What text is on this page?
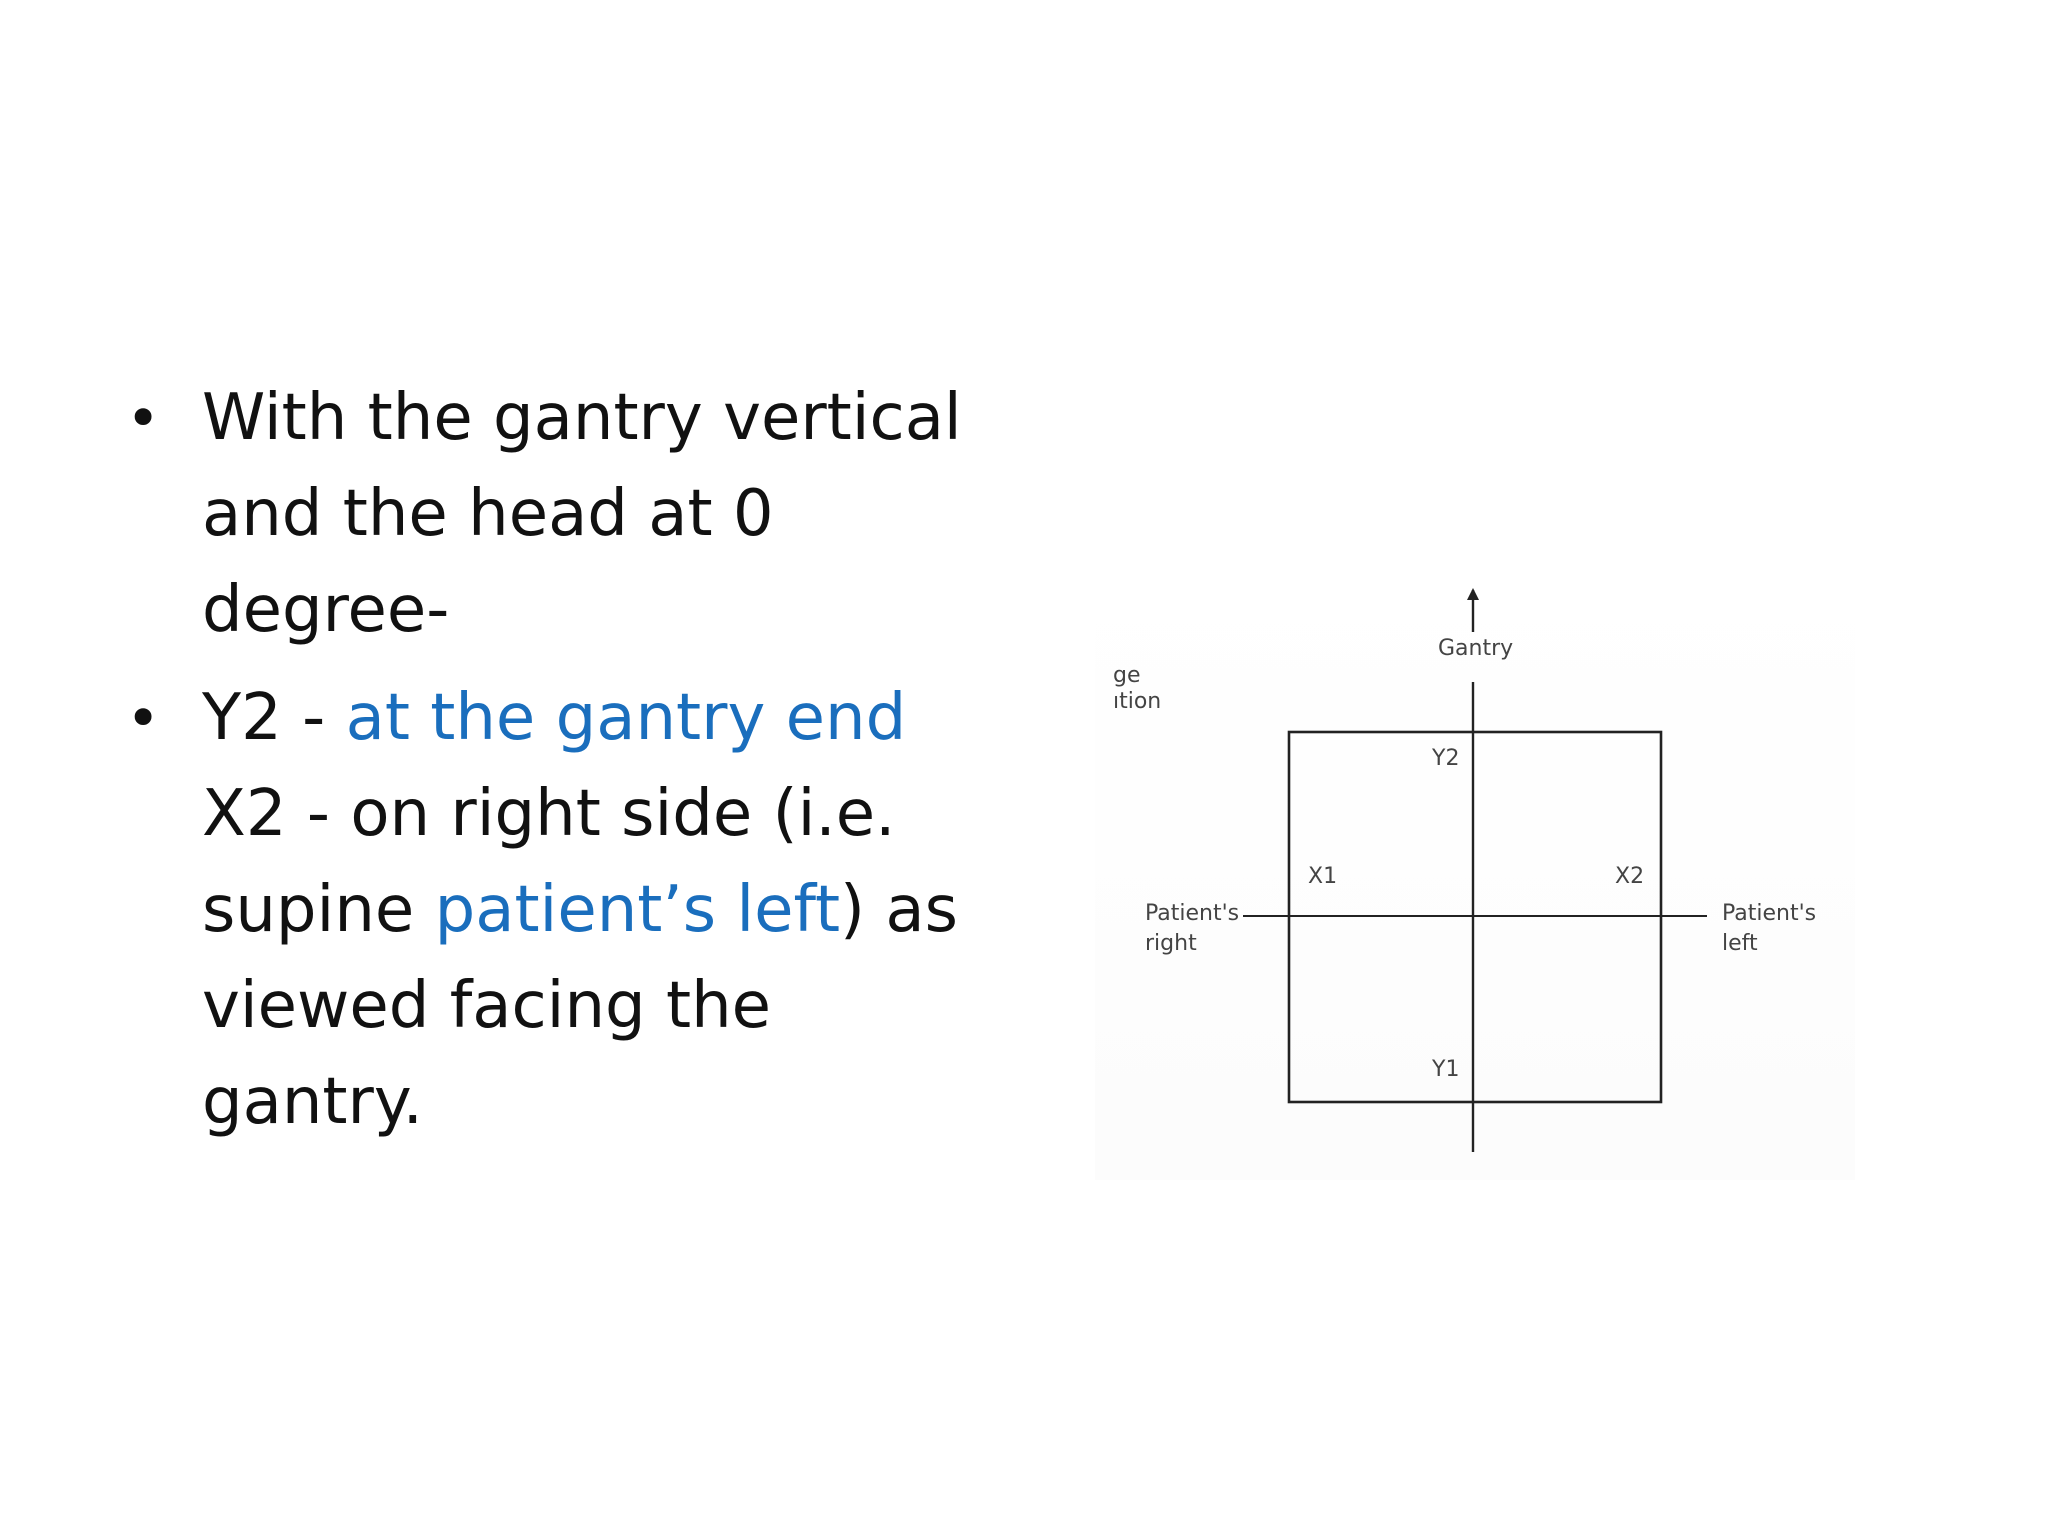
• With the gantry vertical
and the head at 0
degree-
• Y2 - at the gantry end
X2 - on right side (i.e.
supine patient’s left) as
viewed facing the
gantry.
Gantry
Y2
Y1
X1	X2
Patient's
right
Patient's
left
ge
ıtion
